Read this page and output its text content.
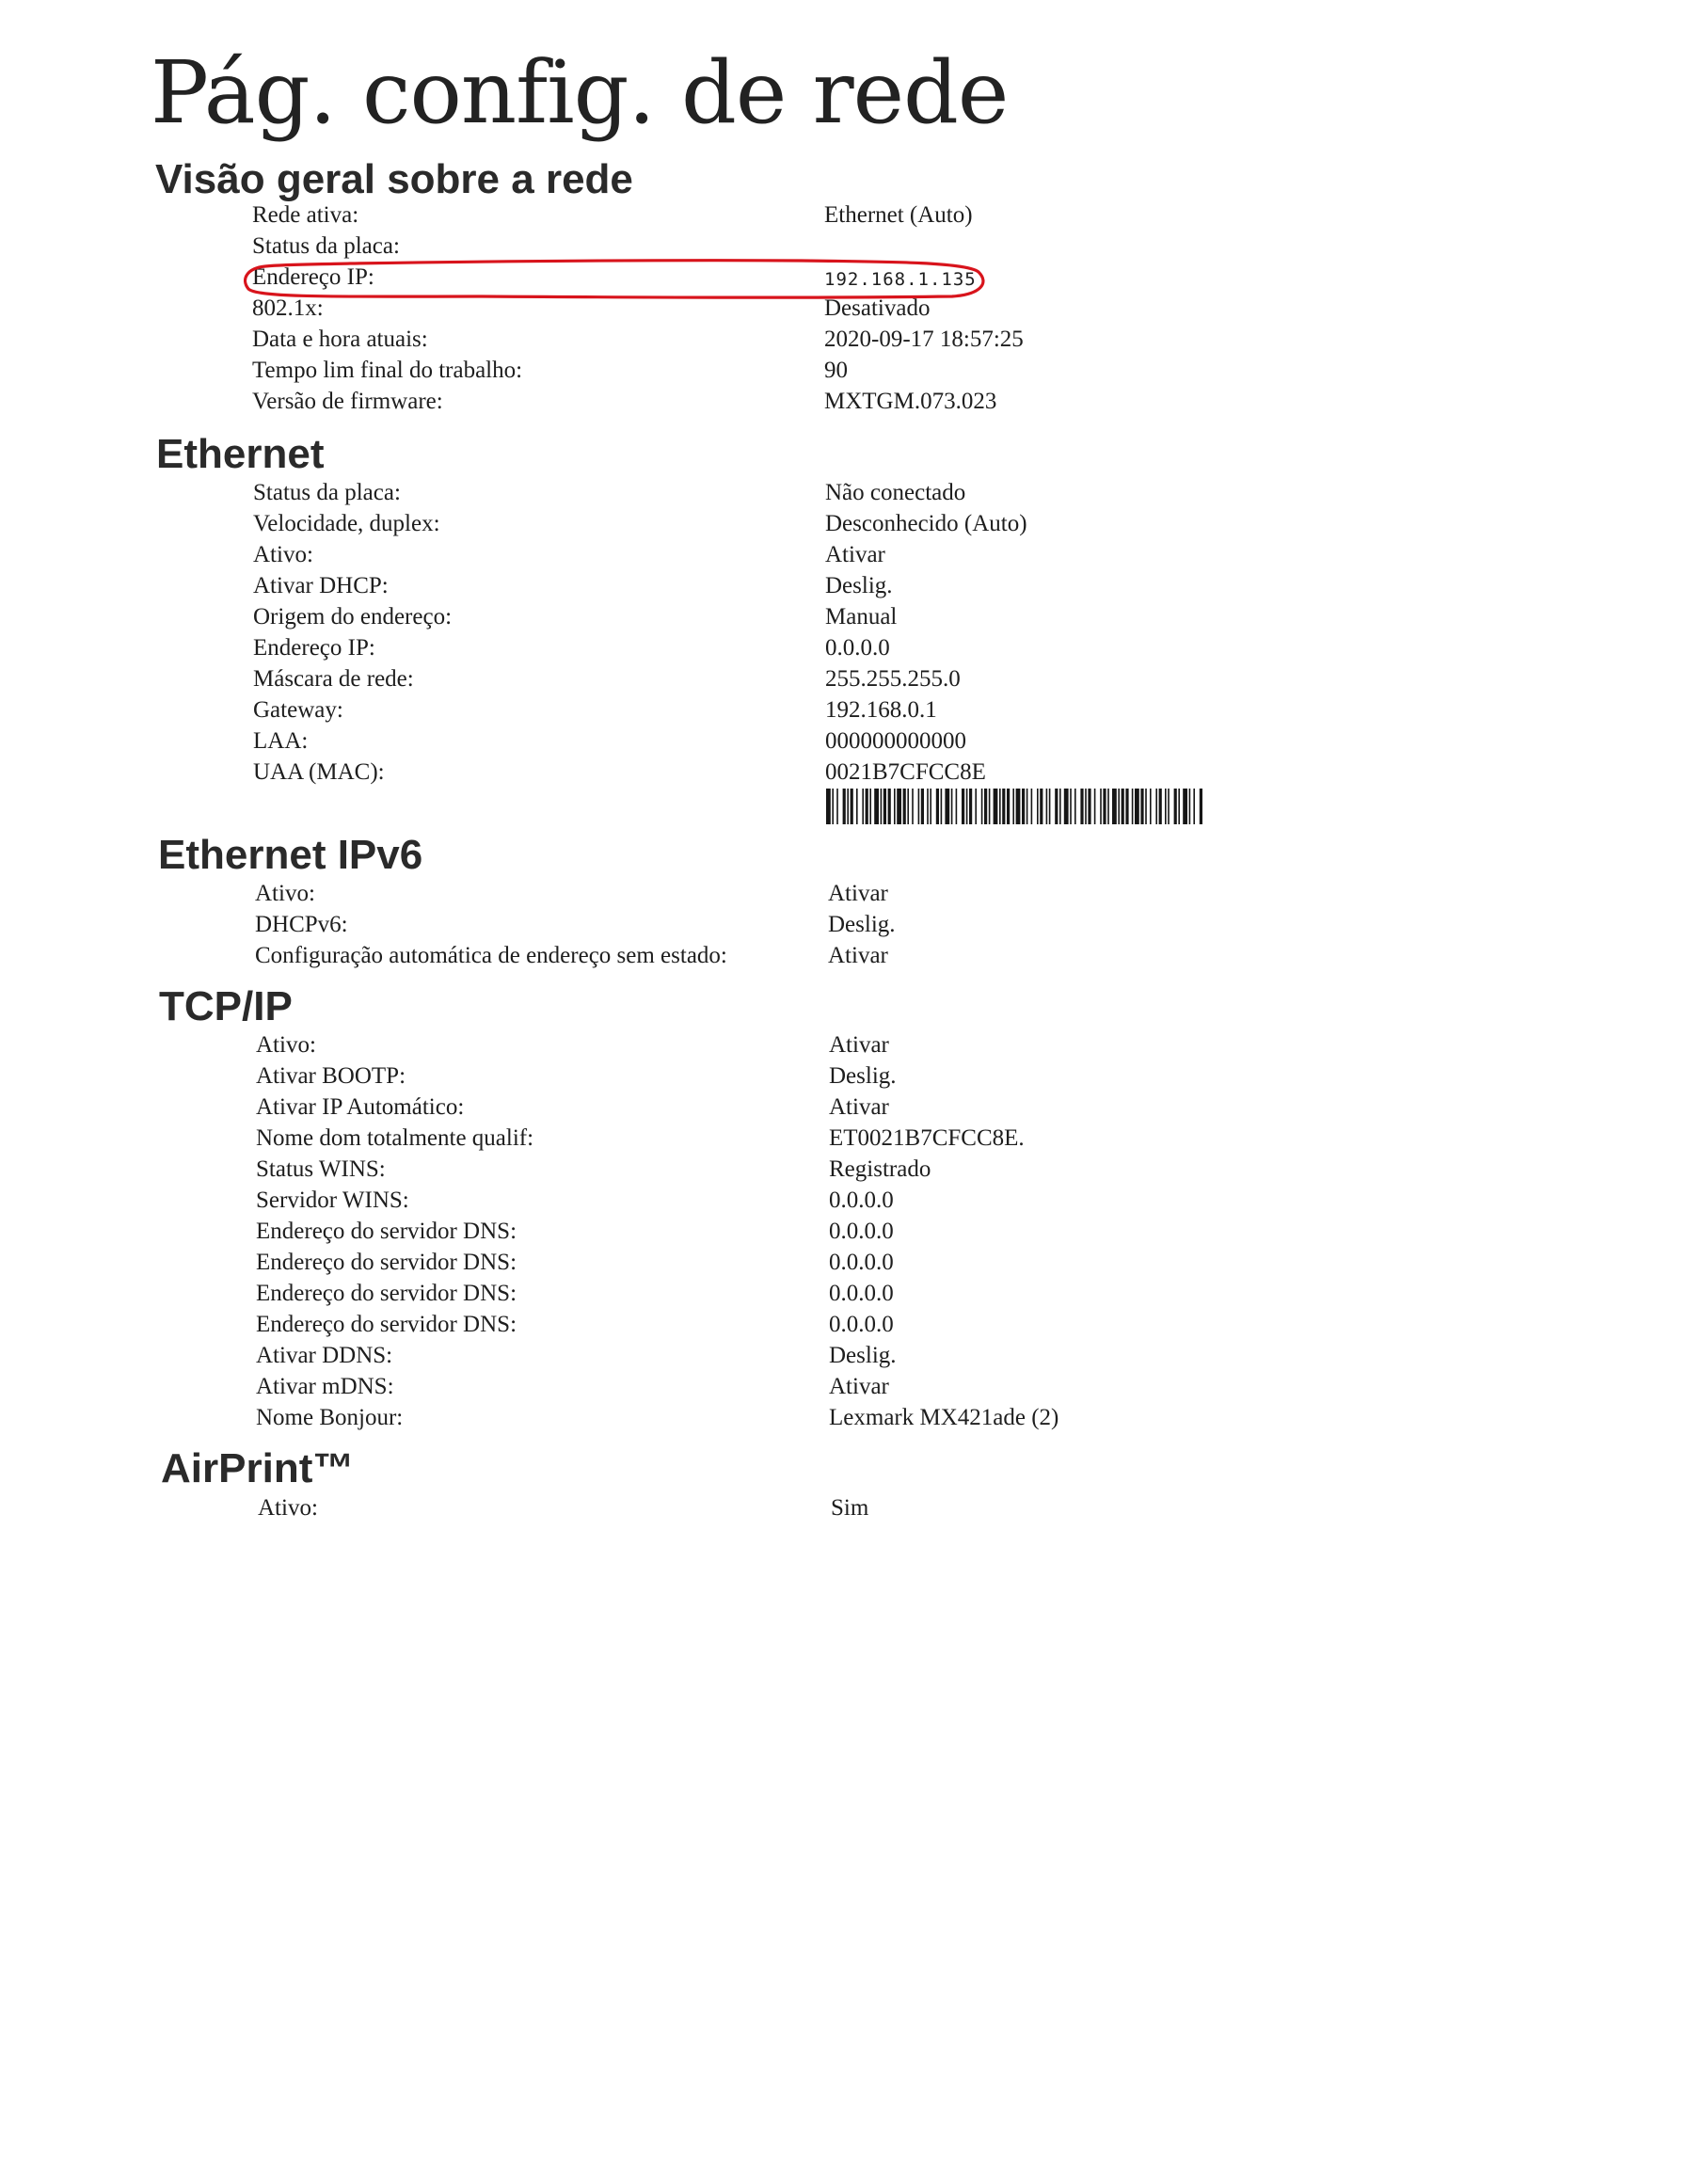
Pág. config. de rede
Visão geral sobre a rede
Rede ativa:	Ethernet (Auto)
Status da placa:
Endereço IP:	192.168.1.135
802.1x:	Desativado
Data e hora atuais:	2020-09-17 18:57:25
Tempo lim final do trabalho:	90
Versão de firmware:	MXTGM.073.023
Ethernet
Status da placa:	Não conectado
Velocidade, duplex:	Desconhecido (Auto)
Ativo:	Ativar
Ativar DHCP:	Deslig.
Origem do endereço:	Manual
Endereço IP:	0.0.0.0
Máscara de rede:	255.255.255.0
Gateway:	192.168.0.1
LAA:	000000000000
UAA (MAC):	0021B7CFCC8E
Ethernet IPv6
Ativo:	Ativar
DHCPv6:	Deslig.
Configuração automática de endereço sem estado:	Ativar
TCP/IP
Ativo:	Ativar
Ativar BOOTP:	Deslig.
Ativar IP Automático:	Ativar
Nome dom totalmente qualif:	ET0021B7CFCC8E.
Status WINS:	Registrado
Servidor WINS:	0.0.0.0
Endereço do servidor DNS:	0.0.0.0
Endereço do servidor DNS:	0.0.0.0
Endereço do servidor DNS:	0.0.0.0
Endereço do servidor DNS:	0.0.0.0
Ativar DDNS:	Deslig.
Ativar mDNS:	Ativar
Nome Bonjour:	Lexmark MX421ade (2)
AirPrint™
Ativo:	Sim
